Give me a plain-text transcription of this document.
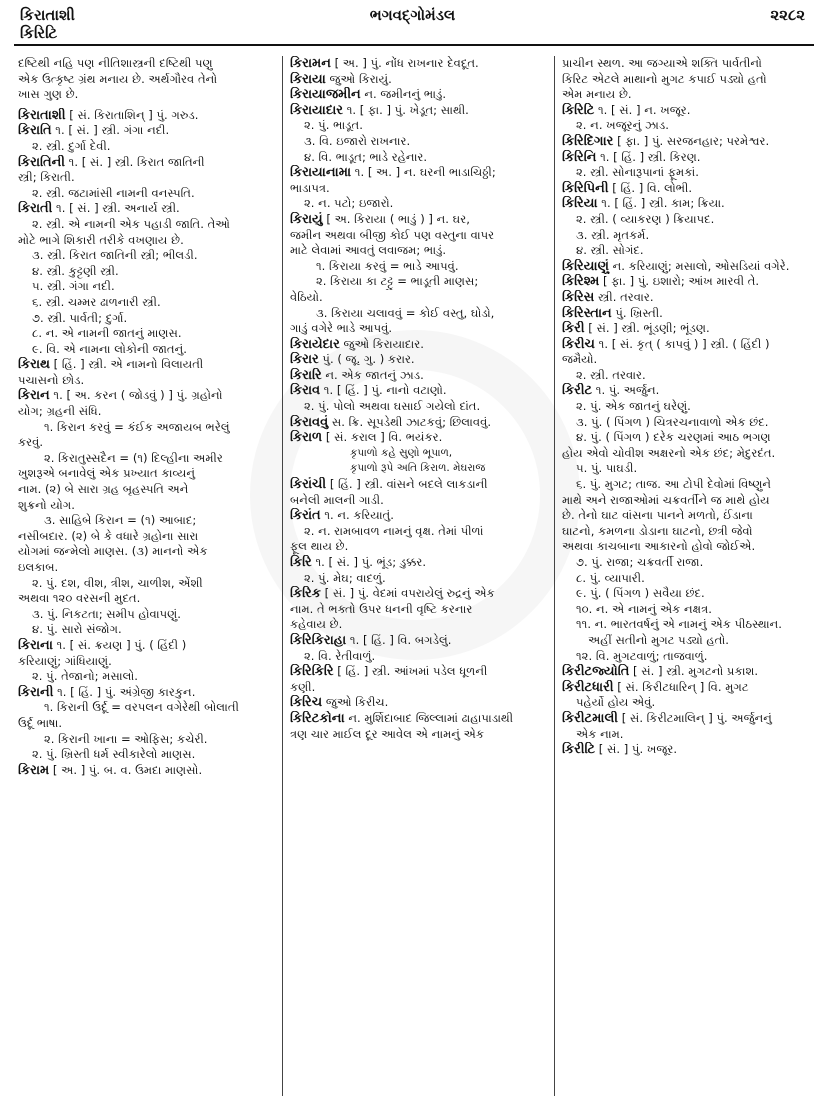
કિરાતાશી
કિરિટિ
ભગવદ્ગોમંડલ	૨૨૮૨
દષ્ટિથી નહિ પણ નીતિશાસ્ત્રની દષ્ટિથી પણુ
એક ઉત્કૃષ્ટ ગ્રંથ મનાય છે. અર્થગૌરવ તેનો
ખાસ ગુણ છે.
કિરાતાશી [ સં. કિરાતાશિન્ ] પું. ગરુડ.
કિરાતિ ૧. [ સં. ] સ્ત્રી. ગંગા નદી.
૨. સ્ત્રી. દુર્ગા દેવી.
કિરાતિની ૧. [ સં. ] સ્ત્રી. કિરાત જાતિની
સ્ત્રી; કિરાતી.
૨. સ્ત્રી. જટામાંસી નામની વનસ્પતિ.
કિરાતી ૧. [ સં. ] સ્ત્રી. અનાર્ય સ્ત્રી.
૨. સ્ત્રી. એ નામની એક પહાડી જાતિ. તેઓ
મોટે ભાગે શિકારી તરીકે વખણાય છે.
૩. સ્ત્રી. કિરાત જાતિની સ્ત્રી; ભીલડી.
૪. સ્ત્રી. કુટ્ટણી સ્ત્રી.
૫. સ્ત્રી. ગંગા નદી.
૬. સ્ત્રી. ચમ્મર ઢાળનારી સ્ત્રી.
૭. સ્ત્રી. પાર્વતી; દુર્ગા.
૮. ન. એ નામની જાતનું માણસ.
૯. વિ. એ નામના લોકોની જાતનું.
કિરાથ [ હિં. ] સ્ત્રી. એ નામનો વિલાયતી
પચાસનો છોડ.
કિરાન ૧. [ અ. કરન ( જોડવું ) ] પું. ગ્રહોનો
યોગ; ગ્રહની સંધિ.
૧. કિરાન કરવું = કંઈક અજાયબ ભરેલું
કરવું.
૨. કિરાતુસ્સદૈન = (૧) દિલ્હીના અમીર
ખુશરૂએ બનાવેલું એક પ્રખ્યાત કાવ્યનું
નામ. (૨) બે સારા ગ્રહ બૃહસ્પતિ અને
શુક્રનો યોગ.
૩. સાહિબે કિરાન = (૧) આબાદ;
નસીબદાર. (૨) બે કે વધારે ગ્રહોના સારા
યોગમાં જન્મેલો માણસ. (૩) માનનો એક
ઇલકાબ.
૨. પું. દશ, વીશ, ત્રીશ, ચાળીશ, એંશી
અથવા ૧૨૦ વરસની મુદત.
૩. પું. નિકટતા; સમીપ હોવાપણું.
૪. પું. સારો સંજોગ.
કિરાના ૧. [ સં. ક્રયણ ] પું. ( હિંદી )
કરિયાણું; ગાંધિયાણું.
૨. પું. તેજાનો; મસાલો.
કિરાની ૧. [ હિં. ] પું. અંગ્રેજી કારકુન.
૧. કિરાની ઉર્દૂ = વરપલન વગેરેથી બોલાતી
ઉર્દૂ ભાષા.
૨. કિરાની ખાના = ઓફિસ; કચેરી.
૨. પું. ખ્રિસ્તી ધર્મ સ્વીકારેલો માણસ.
કિરામ [ અ. ] પું. બ. વ. ઉમદા માણસો.
કિરામન [ અ. ] પું. નોંધ રાખનાર દેવદૂત.
કિરાયા જુઓ કિરાયું.
કિરાયાજમીન ન. જમીનનું ભાડું.
કિરાયાદાર ૧. [ ફા. ] પું. ખેડૂત; સાથી.
૨. પું. ભાડૂત.
૩. વિ. ઇજારો રાખનાર.
૪. વિ. ભાડૂત; ભાડે રહેનાર.
કિરાયાનામા ૧. [ અ. ] ન. ઘરની ભાડાચિઠ્ઠી;
ભાડાપત્ર.
૨. ન. પટો; ઇજારો.
કિરાયું [ અ. કિરાયા ( ભાડું ) ] ન. ઘર,
જમીન અથવા બીજી કોઈ પણ વસ્તુના વાપર
માટે લેવામાં આવતું લવાજમ; ભાડું.
૧. કિરાયા કરવું = ભાડે આપવું.
૨. કિરાયા કા ટટ્ટુ = ભાડૂતી માણસ;
વેઠિયો.
૩. કિરાયા ચલાવવું = કોઈ વસ્તુ, ઘોડો,
ગાડું વગેરે ભાડે આપવું.
કિરાયેદાર જુઓ કિરાયાદાર.
કિરાર પું. ( જૂ. ગુ. ) કરાર.
કિરારિ ન. એક જાતનું ઝાડ.
કિરાવ ૧. [ હિં. ] પું. નાનો વટાણો.
૨. પું. પોલો અથવા ઘસાઈ ગયેલો દાંત.
કિરાવવું સ. ક્રિ. સૂપડેથી ઝાટકવું; છિલાવવું.
કિરાળ [ સં. કરાલ ] વિ. ભયંકર.
કૃપાળો કહે સુણો ભૂપાળ,
કૃપાળો રૂપે અતિ કિરાળ. મેઘરાજ
કિરાંચી [ હિં. ] સ્ત્રી. વાંસને બદલે લાકડાની
બનેલી માલની ગાડી.
કિરાંત ૧. ન. કરિયાતું.
૨. ન. રામબાવળ નામનું વૃક્ષ. તેમાં પીળાં
ફૂલ થાય છે.
કિરિ ૧. [ સં. ] પું. ભૂંડ; ડુક્કર.
૨. પું. મેઘ; વાદળું.
કિરિક [ સં. ] પું. વેદમાં વપરાયેલું રુદ્રનું એક
નામ. તે ભક્તો ઉપર ધનની વૃષ્ટિ કરનાર
કહેવાય છે.
કિરિકિરાહા ૧. [ હિં. ] વિ. બગડેલું.
૨. વિ. રેતીવાળું.
કિરિકિરિ [ હિં. ] સ્ત્રી. આંખમાં પડેલ ધૂળની
કણી.
કિરિચ જુઓ કિરીચ.
કિરિટકોના ન. મુર્શિદાબાદ જિલ્લામાં ઢાહાપાડાથી
ત્રણ ચાર માઈલ દૂર આવેલ એ નામનું એક
પ્રાચીન સ્થળ. આ જગ્યાએ શક્તિ પાર્વતીનો
કિરિટ એટલે માથાનો મુગટ કપાઈ પડ્યો હતો
એમ મનાય છે.
કિરિટિ ૧. [ સં. ] ન. ખજૂર.
૨. ન. ખજૂરનું ઝાડ.
કિરિદિગાર [ ફા. ] પું. સરજનહાર; પરમેશ્વર.
કિરિનિ ૧. [ હિં. ] સ્ત્રી. કિરણ.
૨. સ્ત્રી. સોનારૂપાનાં ફૂમકાં.
કિરિપિની [ હિં. ] વિ. લોભી.
કિરિયા ૧. [ હિં. ] સ્ત્રી. કામ; ક્રિયા.
૨. સ્ત્રી. ( વ્યાકરણ ) ક્રિયાપદ.
૩. સ્ત્રી. મૃતકર્મ.
૪. સ્ત્રી. સોગંદ.
કિરિયાણું ન. કરિયાણું; મસાલો, ઓસડિયાં વગેરે.
કિરિશ્મ [ ફા. ] પું. ઇશારો; આંખ મારવી તે.
કિરિસ સ્ત્રી. તરવાર.
કિરિસ્તાન પું. ખ્રિસ્તી.
કિરી [ સં. ] સ્ત્રી. ભૂંડણી; ભૂંડણ.
કિરીચ ૧. [ સં. કૃત્ ( કાપવું ) ] સ્ત્રી. ( હિંદી )
જમૈયો.
૨. સ્ત્રી. તરવાર.
કિરીટ ૧. પું. અર્જુન.
૨. પું. એક જાતનું ઘરેણું.
૩. પું. ( પિંગળ ) ચિત્રરચનાવાળો એક છંદ.
૪. પું. ( પિંગળ ) દરેક ચરણમાં આઠ ભગણ
હોય એવો ચોવીશ અક્ષરનો એક છંદ; મેદુરદંત.
૫. પું. પાઘડી.
૬. પું. મુગટ; તાજ. આ ટોપી દેવોમાં વિષ્ણુને
માથે અને રાજાઓમાં ચક્રવર્તીને જ માથે હોય
છે. તેનો ઘાટ વાંસના પાનને મળતો, ઈંડાના
ઘાટનો, કમળના ડોડાના ઘાટનો, છત્રી જેવો
અથવા કાચબાના આકારનો હોવો જોઈએ.
૭. પું. રાજા; ચક્રવર્તી રાજા.
૮. પું. વ્યાપારી.
૯. પું. ( પિંગળ ) સવૈયા છંદ.
૧૦. ન. એ નામનું એક નક્ષત્ર.
૧૧. ન. ભારતવર્ષનું એ નામનું એક પીઠસ્થાન.
અહીં સતીનો મુગટ પડ્યો હતો.
૧૨. વિ. મુગટવાળું; તાજવાળું.
કિરીટજ્યોતિ [ સં. ] સ્ત્રી. મુગટનો પ્રકાશ.
કિરીટધારી [ સં. કિરીટધારિન્ ] વિ. મુગટ
પહેર્યો હોય એવું.
કિરીટમાલી [ સં. કિરીટમાલિન્ ] પું. અર્જુનનું
એક નામ.
કિરીટિ [ સં. ] પું. ખજૂર.
